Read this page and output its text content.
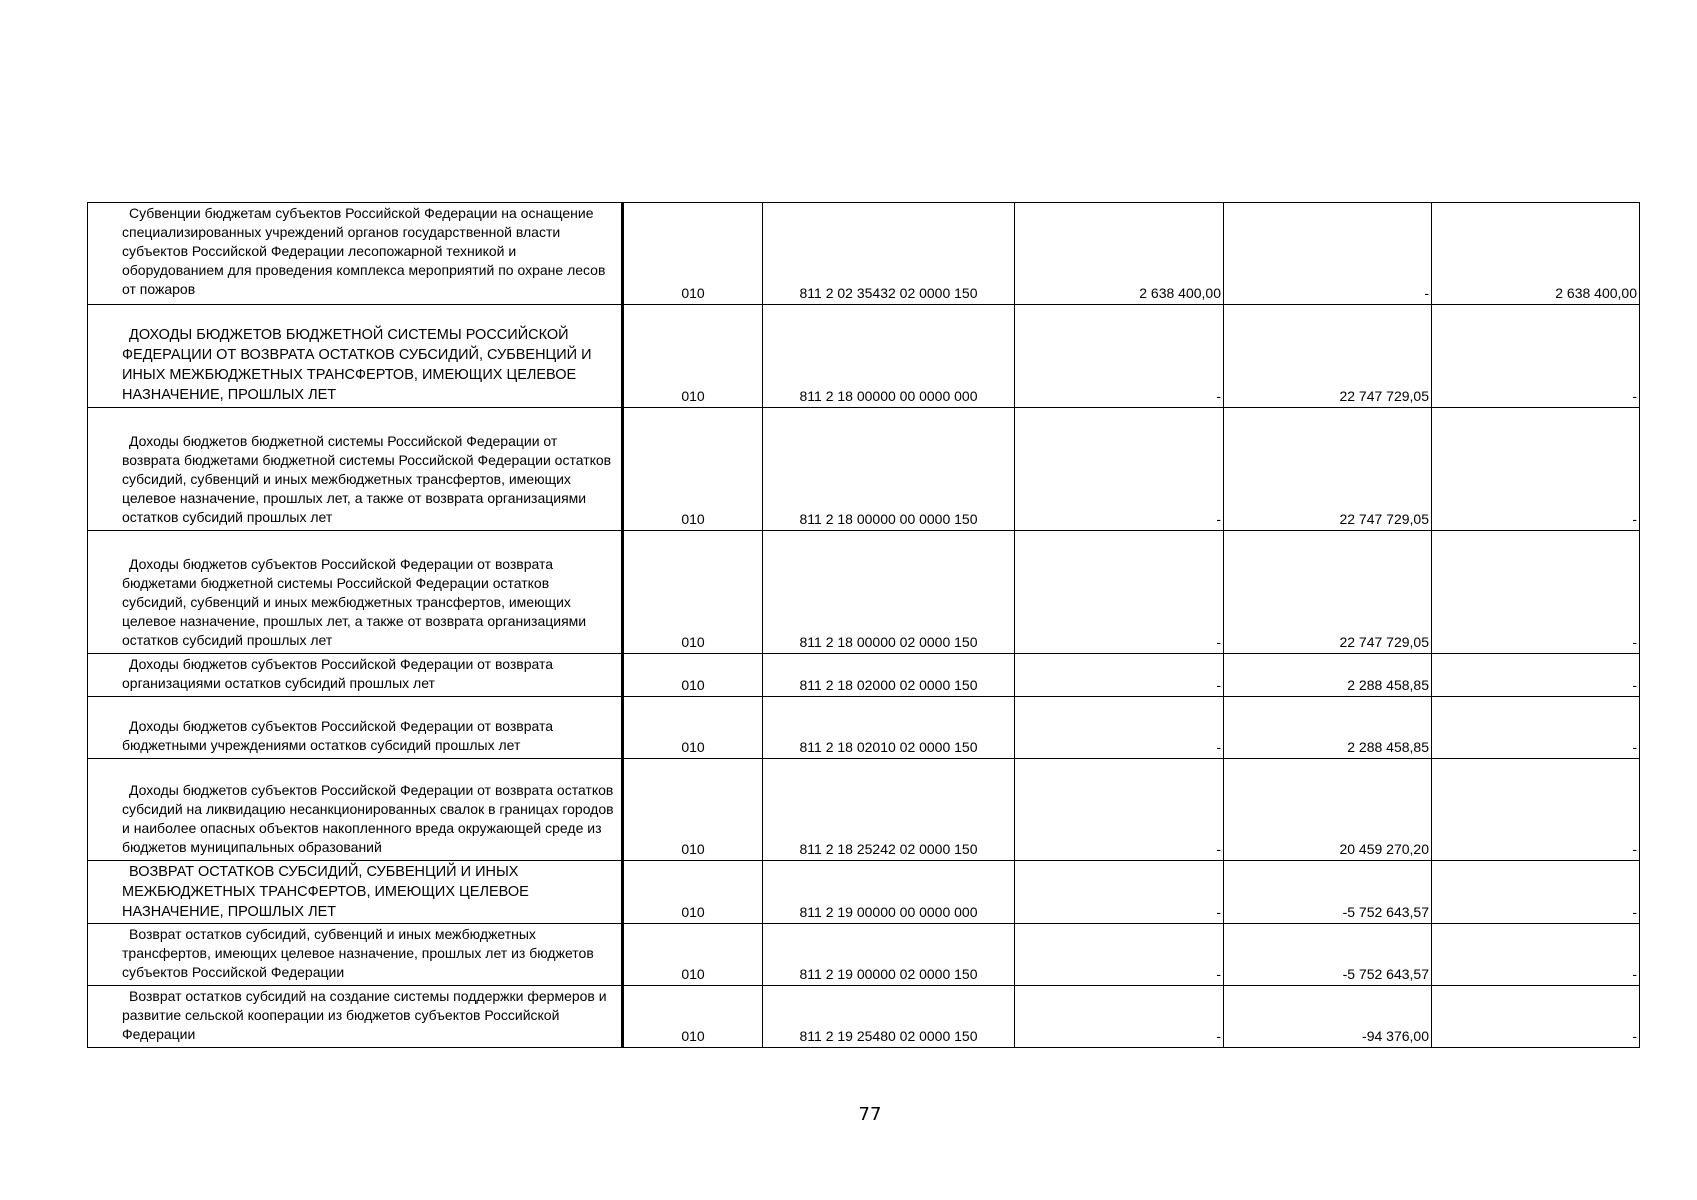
Субвенции бюджетам субъектов Российской Федерации на оснащение специализированных учреждений органов государственной власти субъектов Российской Федерации лесопожарной техникой и оборудованием для проведения комплекса мероприятий по охране лесов от пожаров	010	811 2 02 35432 02 0000 150	2 638 400,00	-	2 638 400,00

ДОХОДЫ БЮДЖЕТОВ БЮДЖЕТНОЙ СИСТЕМЫ РОССИЙСКОЙ ФЕДЕРАЦИИ ОТ ВОЗВРАТА ОСТАТКОВ СУБСИДИЙ, СУБВЕНЦИЙ И ИНЫХ МЕЖБЮДЖЕТНЫХ ТРАНСФЕРТОВ, ИМЕЮЩИХ ЦЕЛЕВОЕ НАЗНАЧЕНИЕ, ПРОШЛЫХ ЛЕТ	010	811 2 18 00000 00 0000 000	-	22 747 729,05	-

Доходы бюджетов бюджетной системы Российской Федерации от возврата бюджетами бюджетной системы Российской Федерации остатков субсидий, субвенций и иных межбюджетных трансфертов, имеющих целевое назначение, прошлых лет, а также от возврата организациями остатков субсидий прошлых лет	010	811 2 18 00000 00 0000 150	-	22 747 729,05	-

Доходы бюджетов субъектов Российской Федерации от возврата бюджетами бюджетной системы Российской Федерации остатков субсидий, субвенций и иных межбюджетных трансфертов, имеющих целевое назначение, прошлых лет, а также от возврата организациями остатков субсидий прошлых лет	010	811 2 18 00000 02 0000 150	-	22 747 729,05	-

Доходы бюджетов субъектов Российской Федерации от возврата организациями остатков субсидий прошлых лет	010	811 2 18 02000 02 0000 150	-	2 288 458,85	-

Доходы бюджетов субъектов Российской Федерации от возврата бюджетными учреждениями остатков субсидий прошлых лет	010	811 2 18 02010 02 0000 150	-	2 288 458,85	-

Доходы бюджетов субъектов Российской Федерации от возврата остатков субсидий на ликвидацию несанкционированных свалок в границах городов и наиболее опасных объектов накопленного вреда окружающей среде из бюджетов муниципальных образований	010	811 2 18 25242 02 0000 150	-	20 459 270,20	-

ВОЗВРАТ ОСТАТКОВ СУБСИДИЙ, СУБВЕНЦИЙ И ИНЫХ МЕЖБЮДЖЕТНЫХ ТРАНСФЕРТОВ, ИМЕЮЩИХ ЦЕЛЕВОЕ НАЗНАЧЕНИЕ, ПРОШЛЫХ ЛЕТ	010	811 2 19 00000 00 0000 000	-	-5 752 643,57	-

Возврат остатков субсидий, субвенций и иных межбюджетных трансфертов, имеющих целевое назначение, прошлых лет из бюджетов субъектов Российской Федерации	010	811 2 19 00000 02 0000 150	-	-5 752 643,57	-

Возврат остатков субсидий на создание системы поддержки фермеров и развитие сельской кооперации из бюджетов субъектов Российской Федерации	010	811 2 19 25480 02 0000 150	-	-94 376,00	-
77
